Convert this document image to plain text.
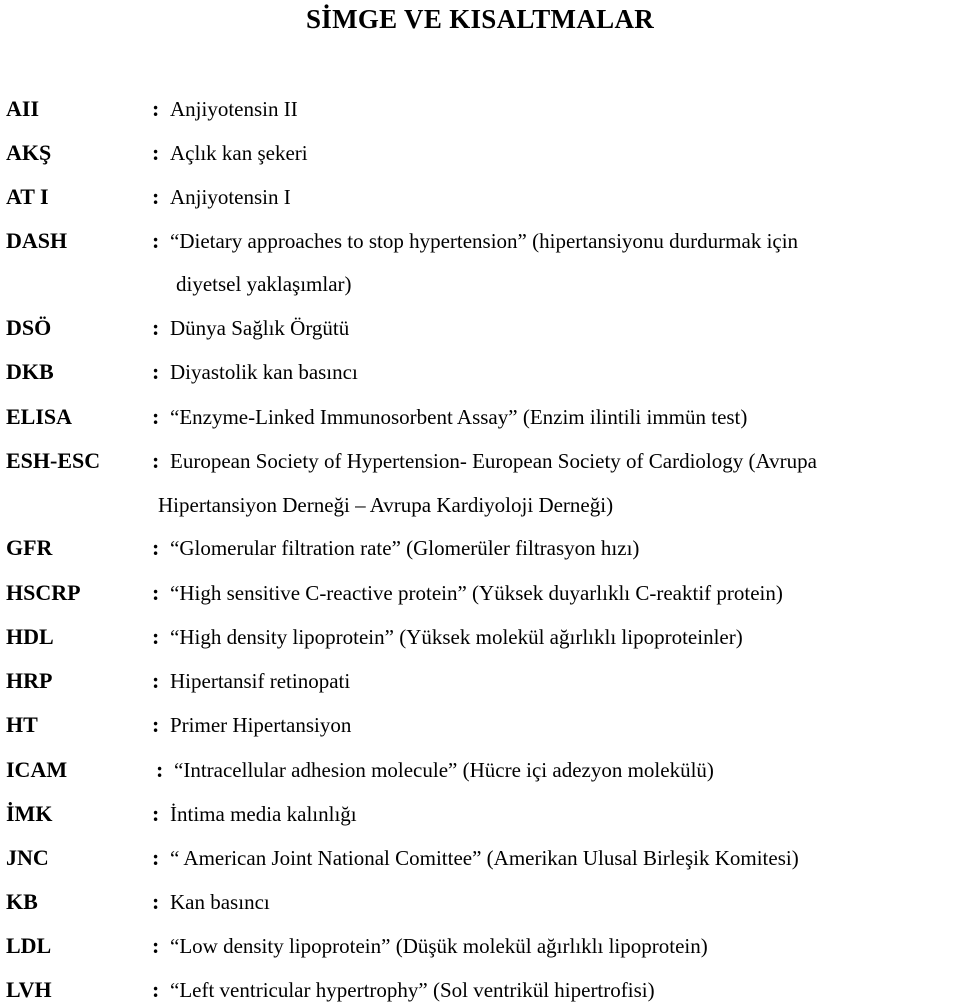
SİMGE VE KISALTMALAR
AII	: Anjiyotensin II
AKŞ	: Açlık kan şekeri
AT I	: Anjiyotensin I
DASH	: “Dietary approaches to stop hypertension” (hipertansiyonu durdurmak için
diyetsel yaklaşımlar)
DSÖ	: Dünya Sağlık Örgütü
DKB	: Diyastolik kan basıncı
ELISA	: “Enzyme-Linked Immunosorbent Assay” (Enzim ilintili immün test)
ESH-ESC : European Society of Hypertension- European Society of Cardiology (Avrupa
Hipertansiyon Derneği – Avrupa Kardiyoloji Derneği)
GFR	: “Glomerular filtration rate” (Glomerüler filtrasyon hızı)
HSCRP	: “High sensitive C-reactive protein” (Yüksek duyarlıklı C-reaktif protein)
HDL	: “High density lipoprotein” (Yüksek molekül ağırlıklı lipoproteinler)
HRP	: Hipertansif retinopati
HT	: Primer Hipertansiyon
ICAM	: “Intracellular adhesion molecule” (Hücre içi adezyon molekülü)
İMK	: İntima media kalınlığı
JNC	: “ American Joint National Comittee” (Amerikan Ulusal Birleşik Komitesi)
KB	: Kan basıncı
LDL	: “Low density lipoprotein” (Düşük molekül ağırlıklı lipoprotein)
LVH	: “Left ventricular hypertrophy” (Sol ventrikül hipertrofisi)
